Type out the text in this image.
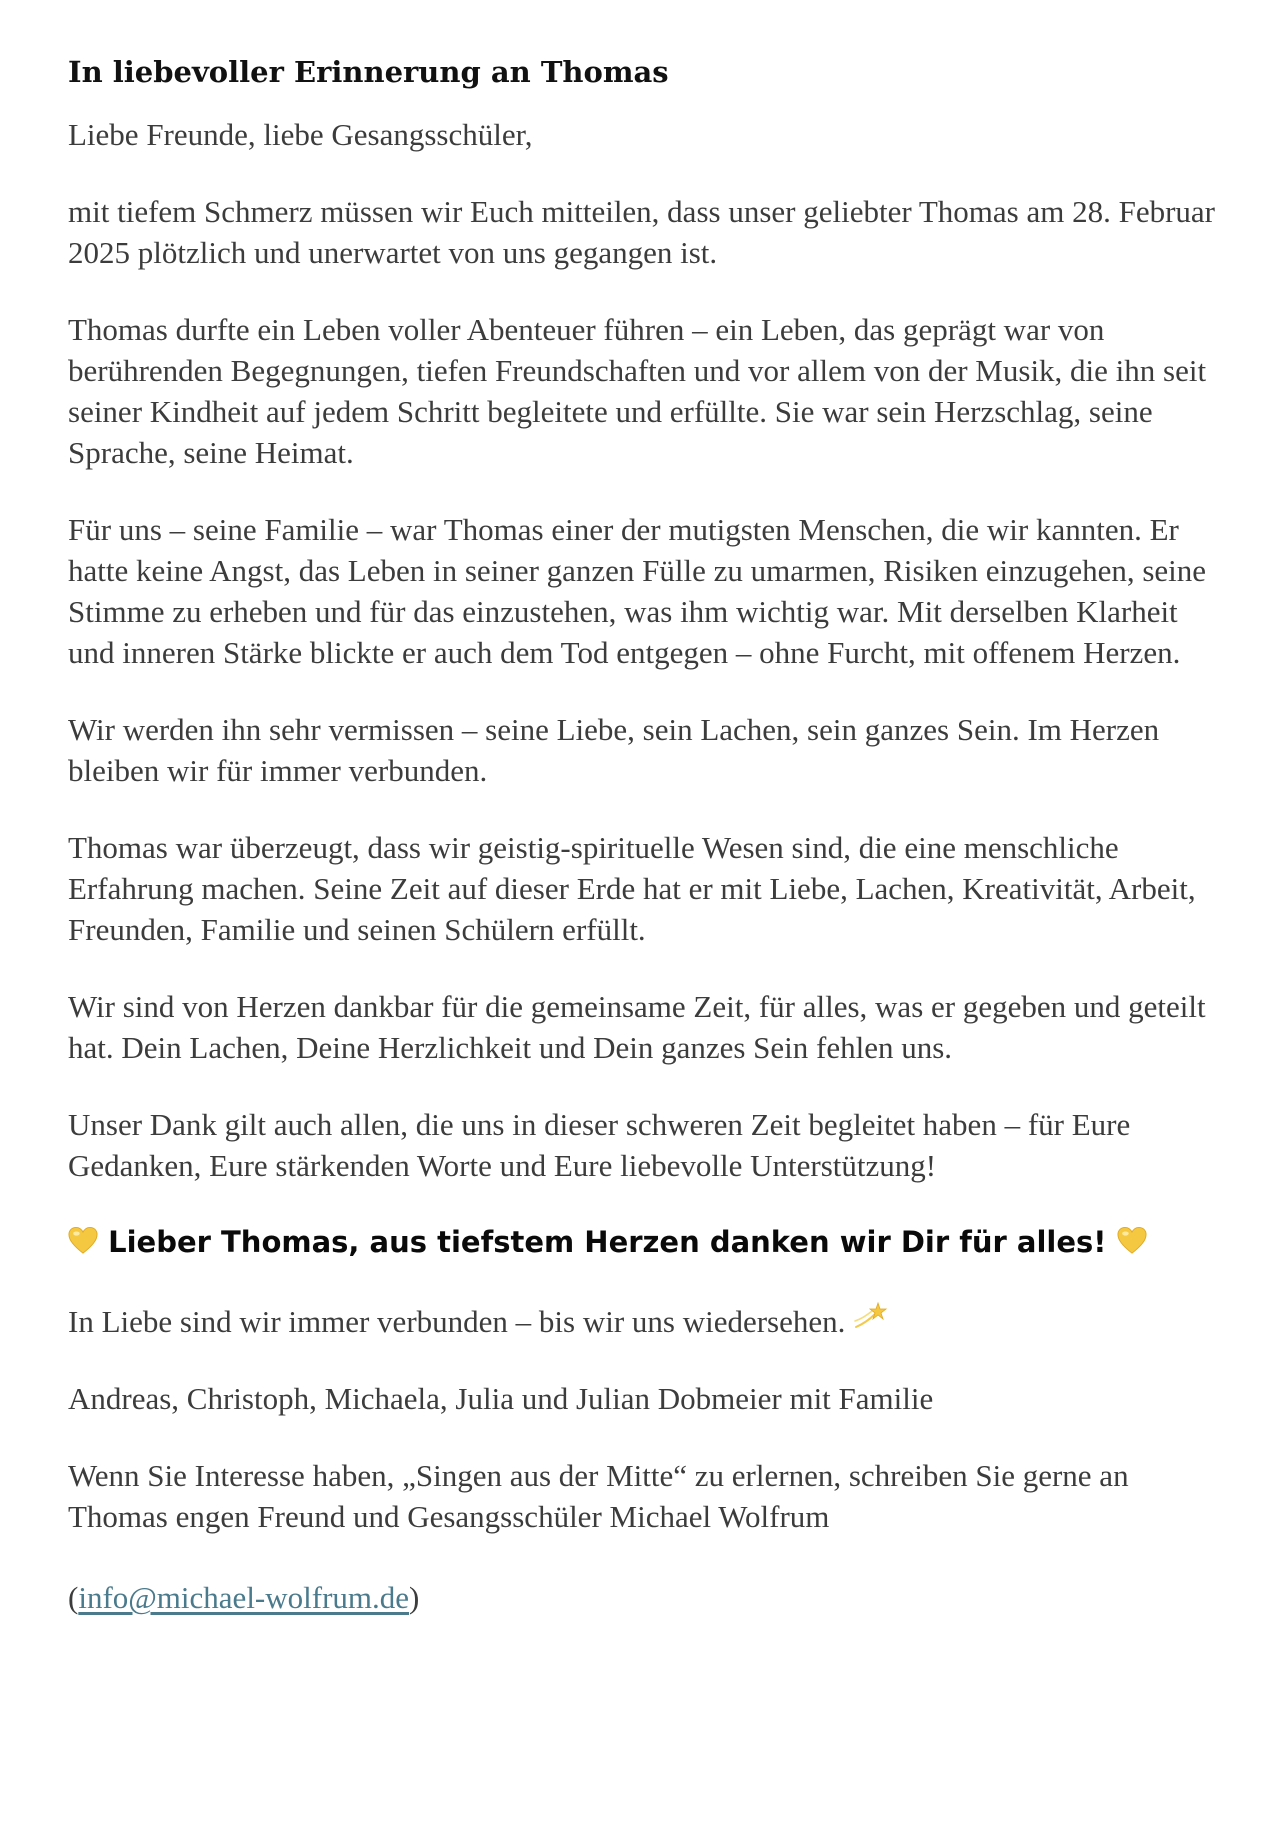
In liebevoller Erinnerung an Thomas
Liebe Freunde, liebe Gesangsschüler,
mit tiefem Schmerz müssen wir Euch mitteilen, dass unser geliebter Thomas am 28. Februar 2025 plötzlich und unerwartet von uns gegangen ist.
Thomas durfte ein Leben voller Abenteuer führen – ein Leben, das geprägt war von berührenden Begegnungen, tiefen Freundschaften und vor allem von der Musik, die ihn seit seiner Kindheit auf jedem Schritt begleitete und erfüllte. Sie war sein Herzschlag, seine Sprache, seine Heimat.
Für uns – seine Familie – war Thomas einer der mutigsten Menschen, die wir kannten. Er hatte keine Angst, das Leben in seiner ganzen Fülle zu umarmen, Risiken einzugehen, seine Stimme zu erheben und für das einzustehen, was ihm wichtig war. Mit derselben Klarheit und inneren Stärke blickte er auch dem Tod entgegen – ohne Furcht, mit offenem Herzen.
Wir werden ihn sehr vermissen – seine Liebe, sein Lachen, sein ganzes Sein. Im Herzen bleiben wir für immer verbunden.
Thomas war überzeugt, dass wir geistig-spirituelle Wesen sind, die eine menschliche Erfahrung machen. Seine Zeit auf dieser Erde hat er mit Liebe, Lachen, Kreativität, Arbeit, Freunden, Familie und seinen Schülern erfüllt.
Wir sind von Herzen dankbar für die gemeinsame Zeit, für alles, was er gegeben und geteilt hat. Dein Lachen, Deine Herzlichkeit und Dein ganzes Sein fehlen uns.
Unser Dank gilt auch allen, die uns in dieser schweren Zeit begleitet haben – für Eure Gedanken, Eure stärkenden Worte und Eure liebevolle Unterstützung!
Lieber Thomas, aus tiefstem Herzen danken wir Dir für alles!
In Liebe sind wir immer verbunden – bis wir uns wiedersehen.
Andreas, Christoph, Michaela, Julia und Julian Dobmeier mit Familie
Wenn Sie Interesse haben, „Singen aus der Mitte“ zu erlernen, schreiben Sie gerne an Thomas engen Freund und Gesangsschüler Michael Wolfrum
(info@michael-wolfrum.de)
